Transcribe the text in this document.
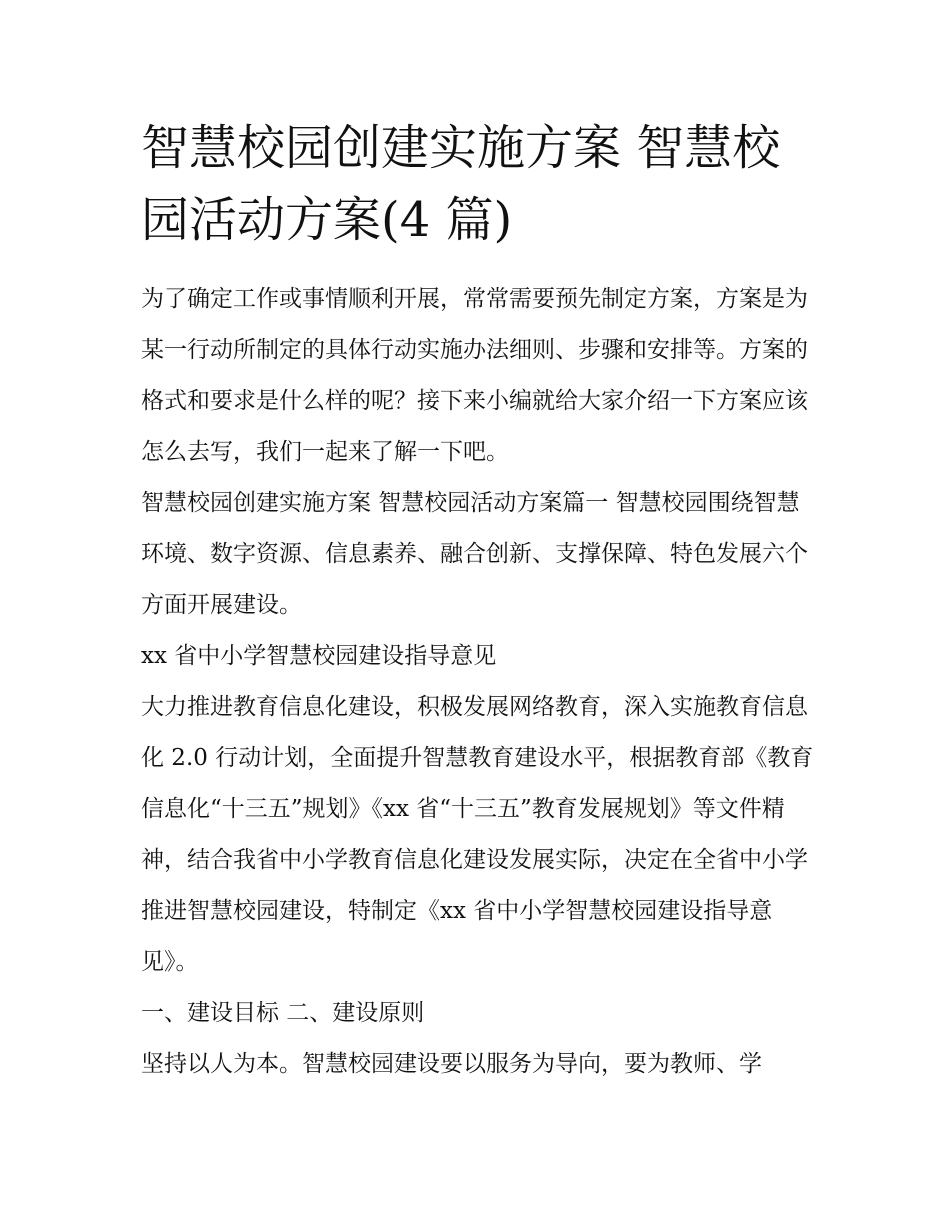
智慧校园创建实施方案 智慧校园活动方案(4 篇)

为了确定工作或事情顺利开展，常常需要预先制定方案，方案是为某一行动所制定的具体行动实施办法细则、步骤和安排等。方案的格式和要求是什么样的呢？接下来小编就给大家介绍一下方案应该怎么去写，我们一起来了解一下吧。

智慧校园创建实施方案 智慧校园活动方案篇一 智慧校园围绕智慧环境、数字资源、信息素养、融合创新、支撑保障、特色发展六个方面开展建设。

xx 省中小学智慧校园建设指导意见

大力推进教育信息化建设，积极发展网络教育，深入实施教育信息化 2.0 行动计划，全面提升智慧教育建设水平，根据教育部《教育信息化“十三五”规划》《xx 省“十三五”教育发展规划》等文件精神，结合我省中小学教育信息化建设发展实际，决定在全省中小学推进智慧校园建设，特制定《xx 省中小学智慧校园建设指导意见》。

一、建设目标 二、建设原则

坚持以人为本。智慧校园建设要以服务为导向，要为教师、学
